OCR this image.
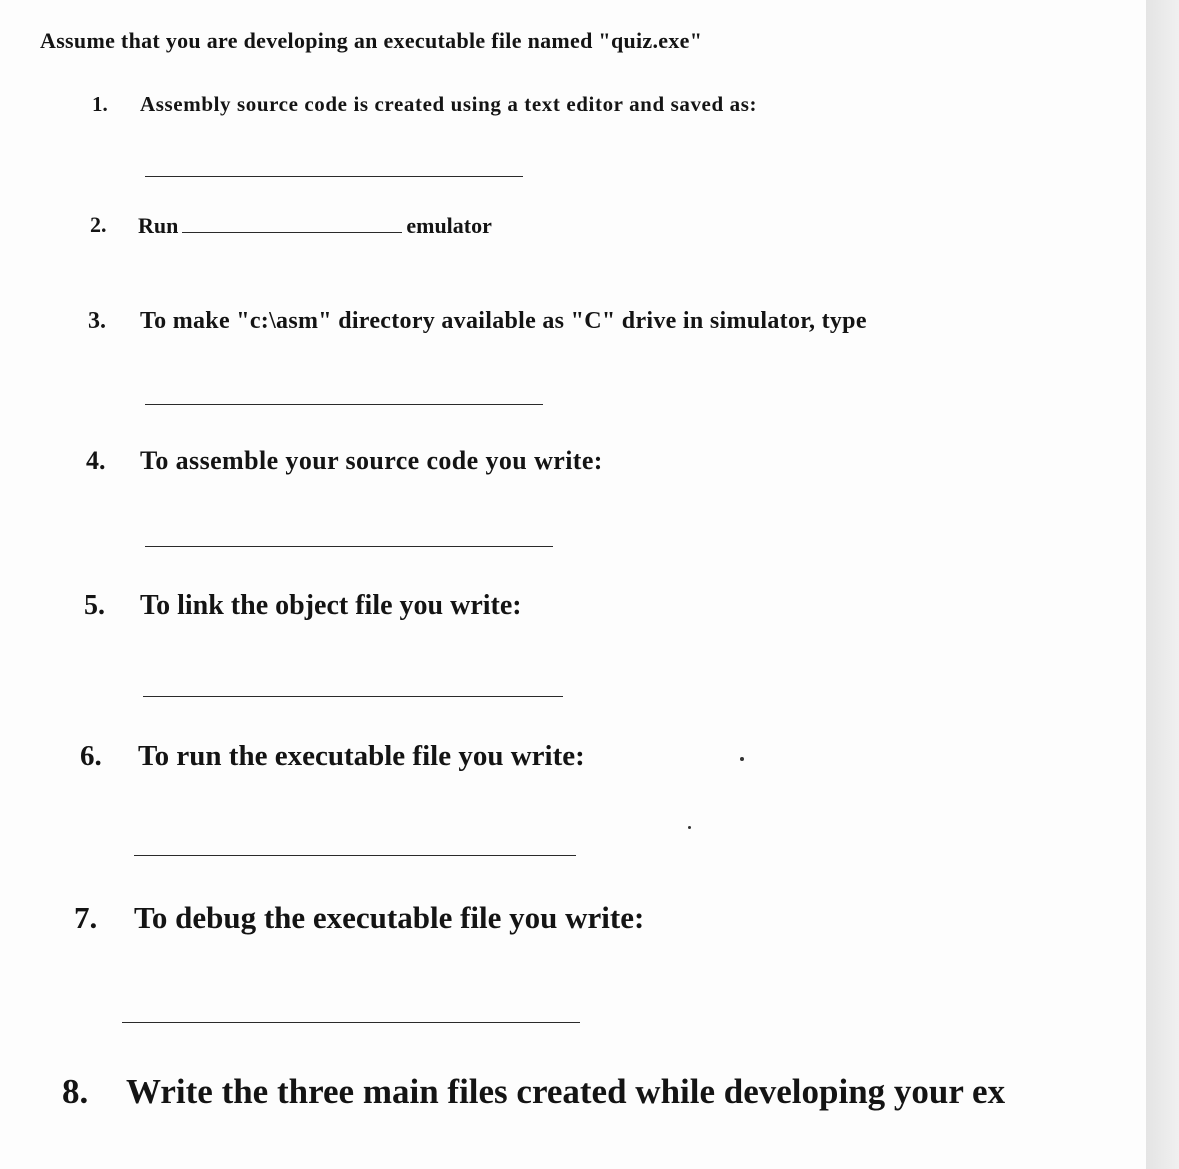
Assume that you are developing an executable file named "quiz.exe"
1. Assembly source code is created using a text editor and saved as:
2. Run	emulator
3. To make "c:\asm" directory available as "C" drive in simulator, type
4. To assemble your source code you write:
5. To link the object file you write:
6. To run the executable file you write:
7. To debug the executable file you write:
8. Write the three main files created while developing your ex
